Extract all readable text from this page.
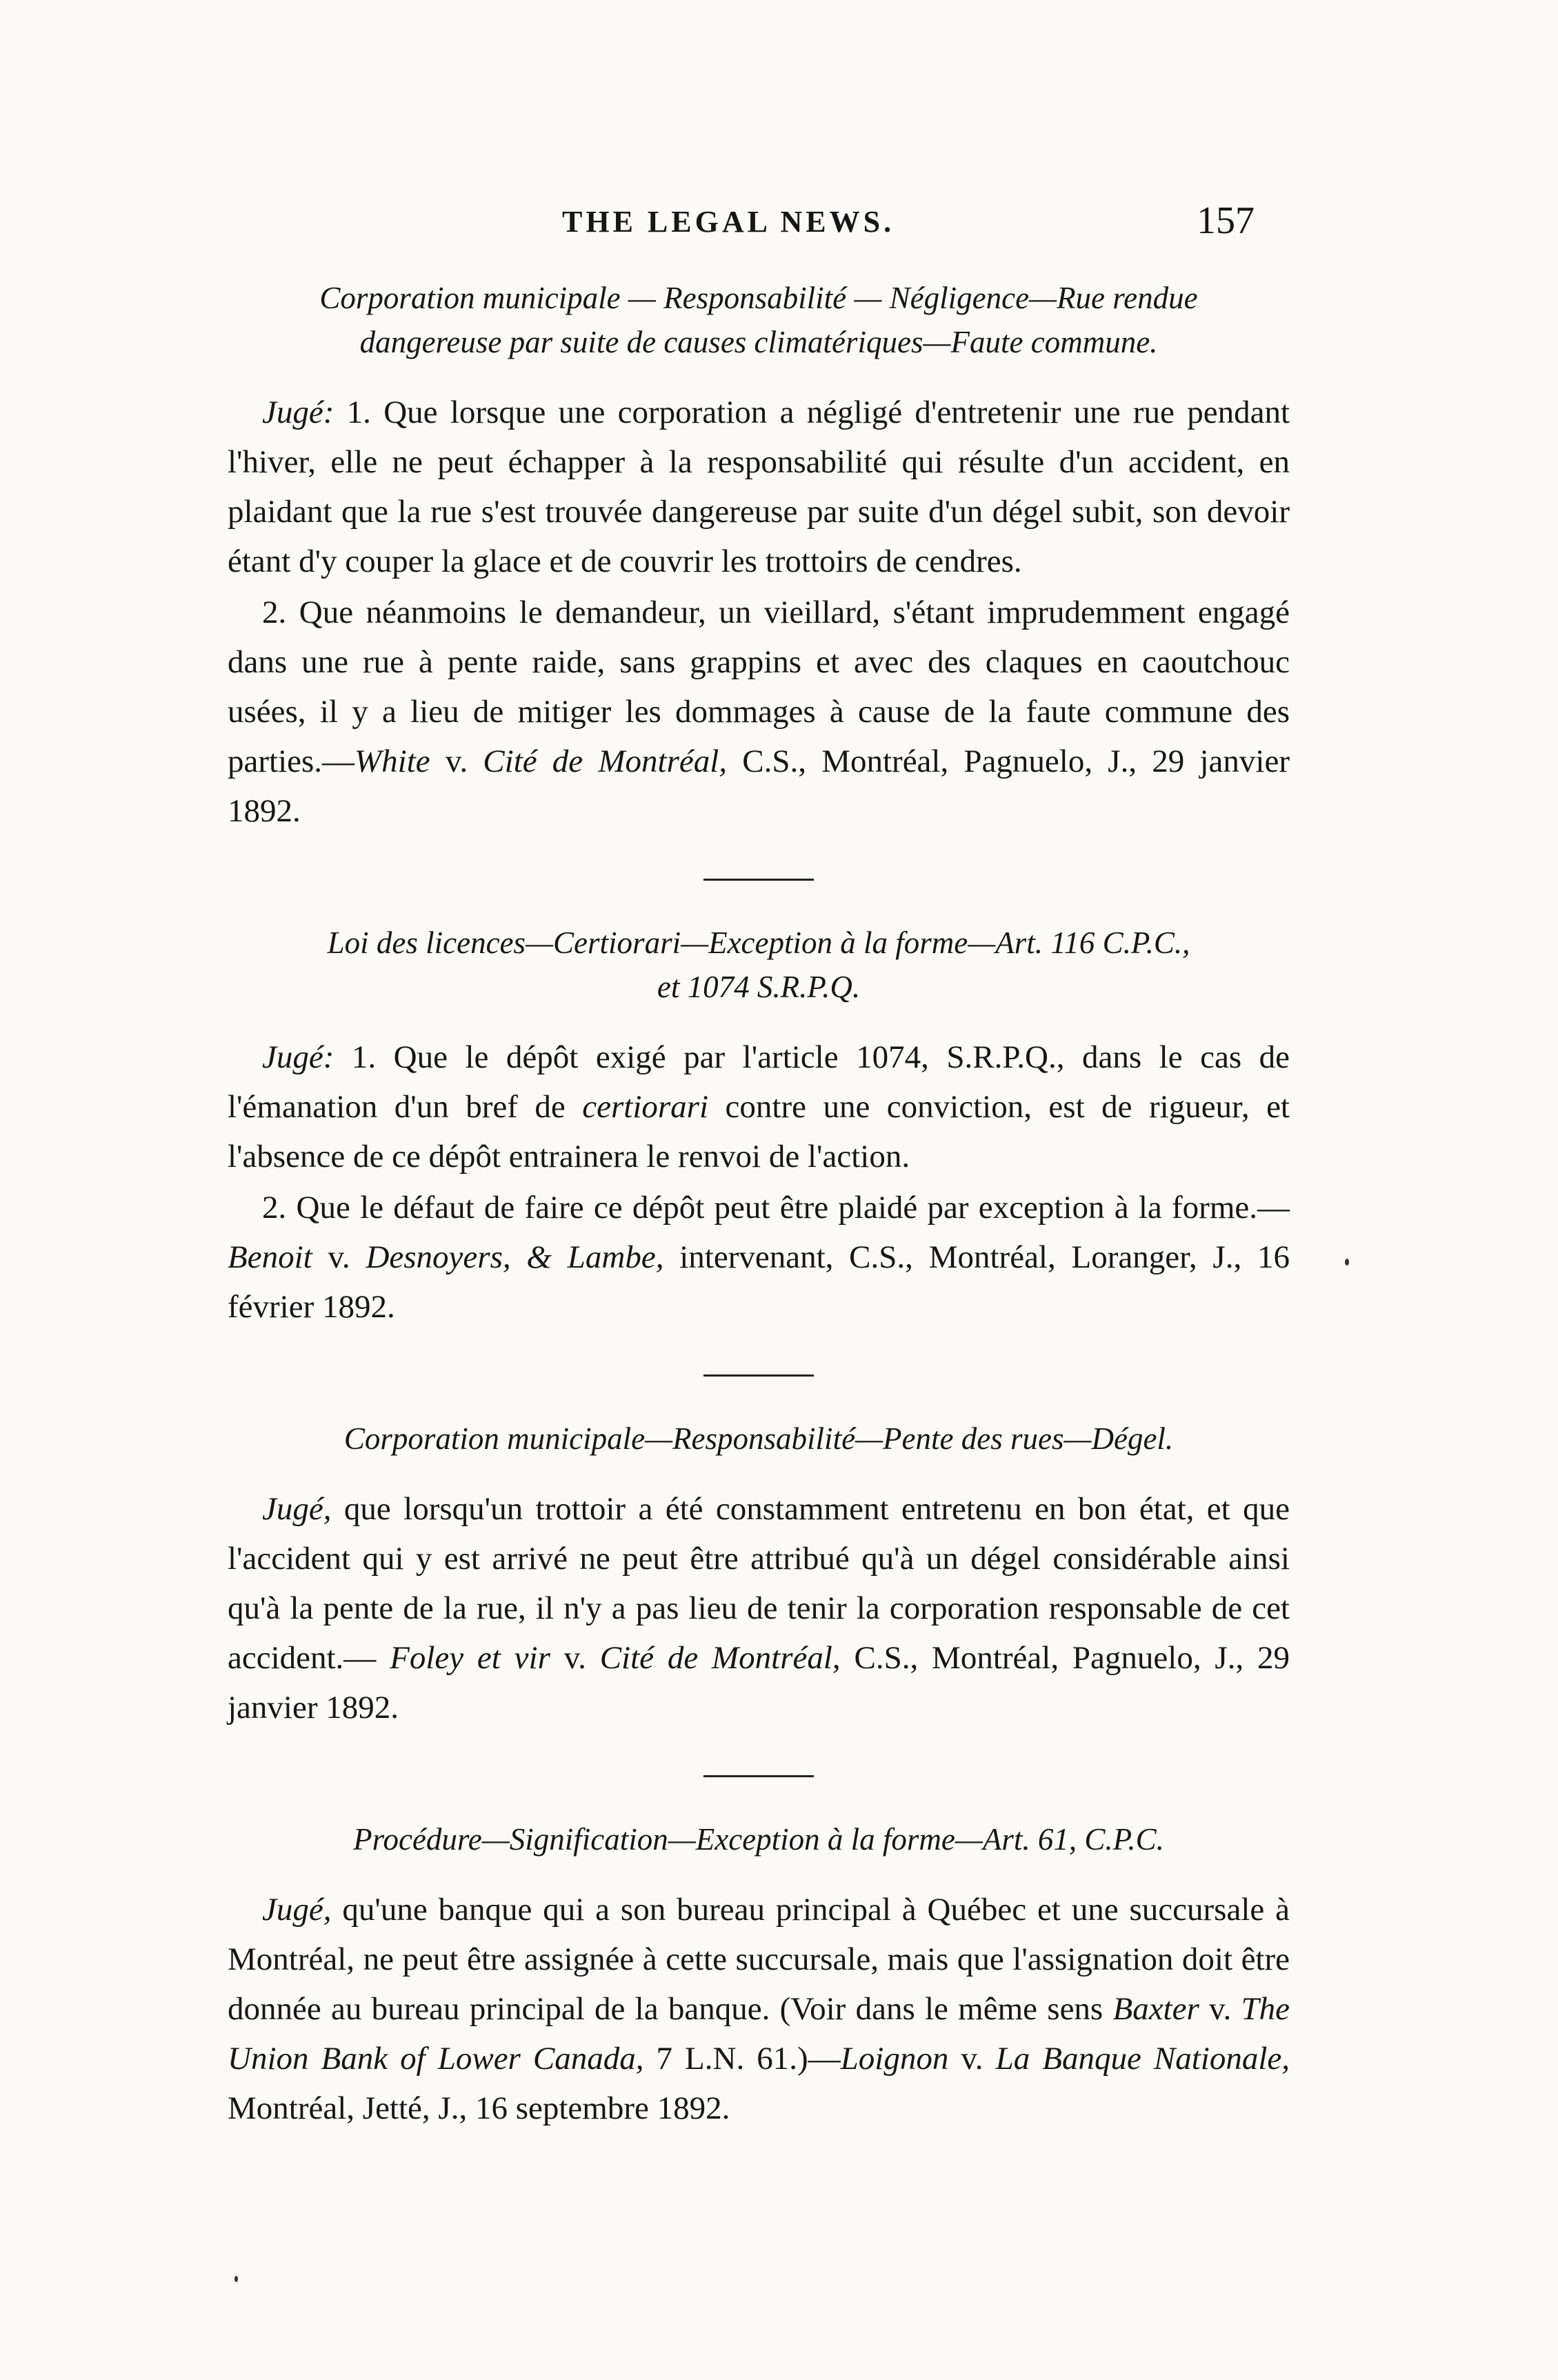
THE LEGAL NEWS.	157
Corporation municipale — Responsabilité — Négligence—Rue rendue
dangereuse par suite de causes climatériques—Faute commune.

Jugé: 1. Que lorsque une corporation a négligé d'entretenir une rue pendant l'hiver, elle ne peut échapper à la responsabilité qui résulte d'un accident, en plaidant que la rue s'est trouvée dangereuse par suite d'un dégel subit, son devoir étant d'y couper la glace et de couvrir les trottoirs de cendres.

2. Que néanmoins le demandeur, un vieillard, s'étant imprudemment engagé dans une rue à pente raide, sans grappins et avec des claques en caoutchouc usées, il y a lieu de mitiger les dommages à cause de la faute commune des parties.—White v. Cité de Montréal, C.S., Montréal, Pagnuelo, J., 29 janvier 1892.

Loi des licences—Certiorari—Exception à la forme—Art. 116 C.P.C.,
et 1074 S.R.P.Q.

Jugé: 1. Que le dépôt exigé par l'article 1074, S.R.P.Q., dans le cas de l'émanation d'un bref de certiorari contre une conviction, est de rigueur, et l'absence de ce dépôt entrainera le renvoi de l'action.

2. Que le défaut de faire ce dépôt peut être plaidé par exception à la forme.— Benoit v. Desnoyers, & Lambe, intervenant, C.S., Montréal, Loranger, J., 16 février 1892.

Corporation municipale—Responsabilité—Pente des rues—Dégel.

Jugé, que lorsqu'un trottoir a été constamment entretenu en bon état, et que l'accident qui y est arrivé ne peut être attribué qu'à un dégel considérable ainsi qu'à la pente de la rue, il n'y a pas lieu de tenir la corporation responsable de cet accident.— Foley et vir v. Cité de Montréal, C.S., Montréal, Pagnuelo, J., 29 janvier 1892.

Procédure—Signification—Exception à la forme—Art. 61, C.P.C.

Jugé, qu'une banque qui a son bureau principal à Québec et une succursale à Montréal, ne peut être assignée à cette succursale, mais que l'assignation doit être donnée au bureau principal de la banque. (Voir dans le même sens Baxter v. The Union Bank of Lower Canada, 7 L.N. 61.)—Loignon v. La Banque Nationale, Montréal, Jetté, J., 16 septembre 1892.
